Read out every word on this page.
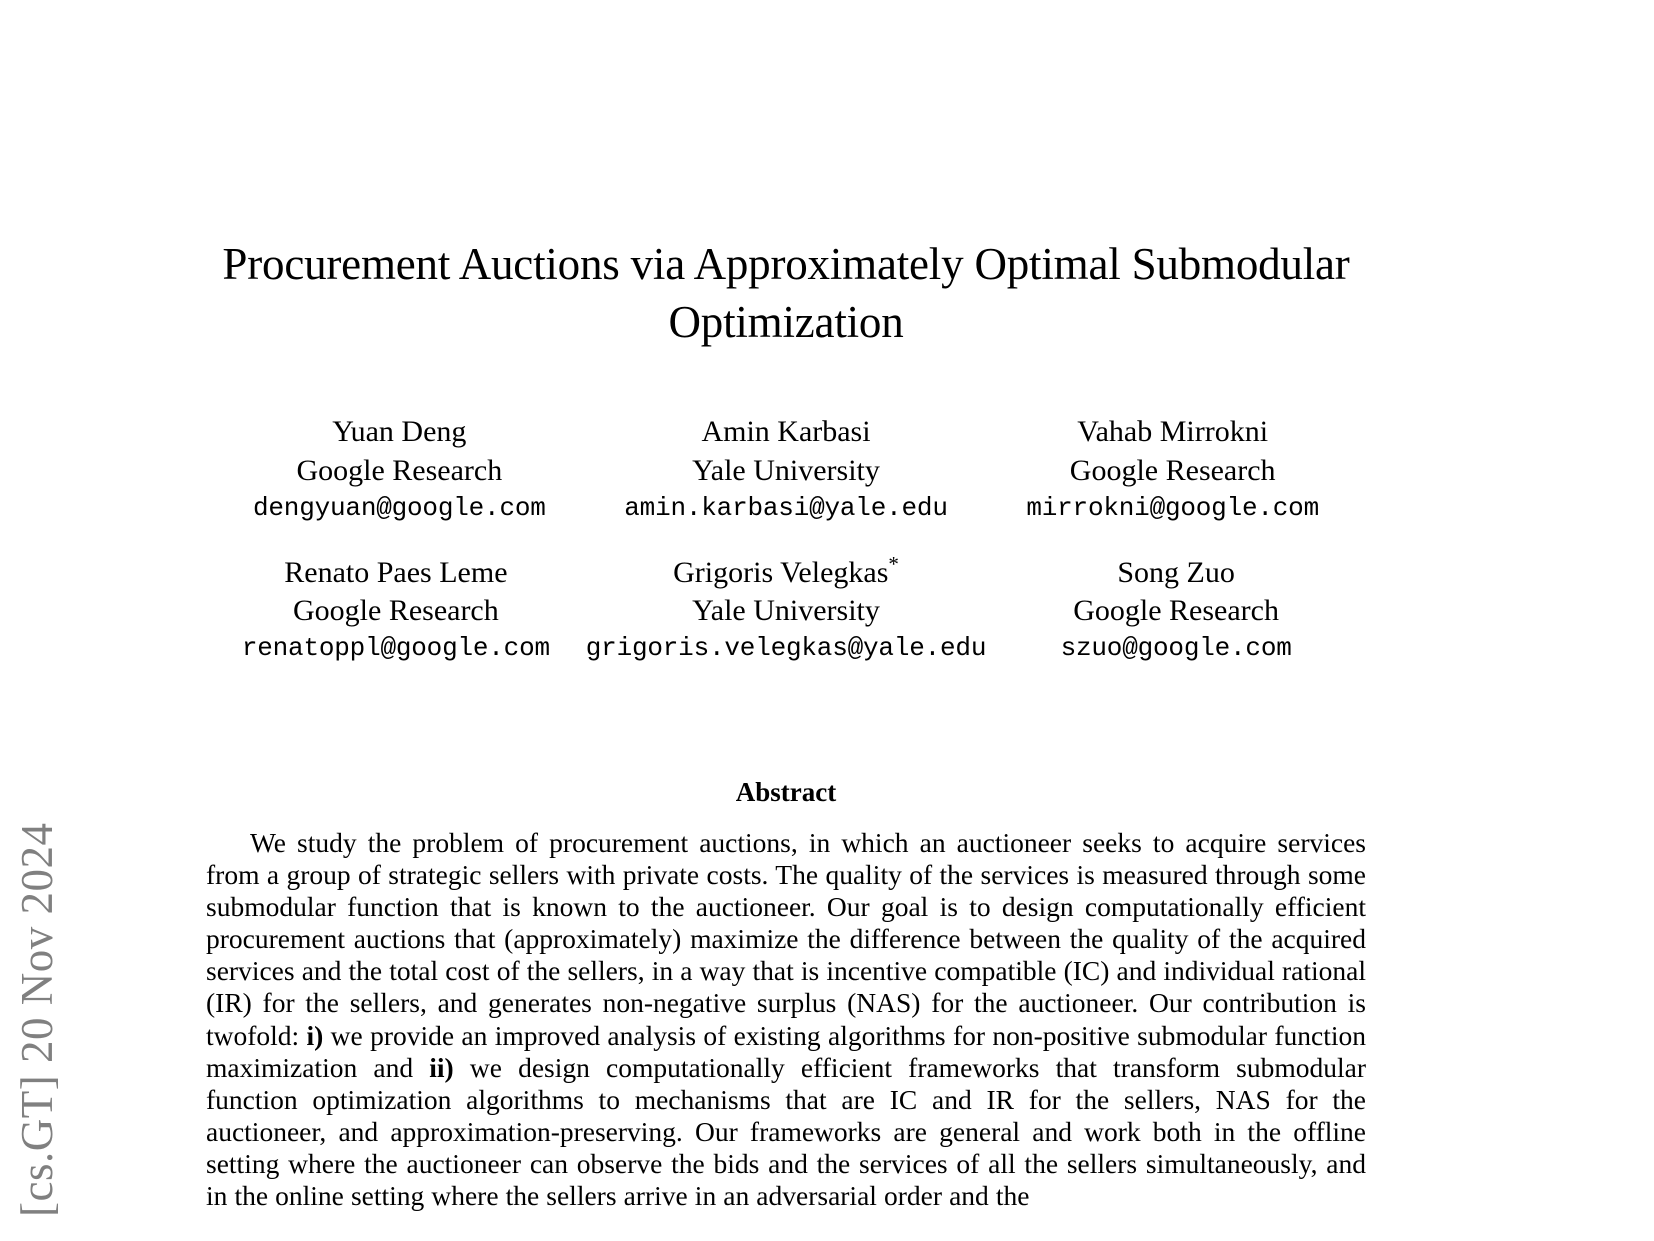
[cs.GT] 20 Nov 2024
Procurement Auctions via Approximately Optimal Submodular Optimization
Yuan Deng
Google Research
dengyuan@google.com
Amin Karbasi
Yale University
amin.karbasi@yale.edu
Vahab Mirrokni
Google Research
mirrokni@google.com
Renato Paes Leme
Google Research
renatoppl@google.com
Grigoris Velegkas*
Yale University
grigoris.velegkas@yale.edu
Song Zuo
Google Research
szuo@google.com
Abstract

We study the problem of procurement auctions, in which an auctioneer seeks to acquire services from a group of strategic sellers with private costs. The quality of the services is measured through some submodular function that is known to the auctioneer. Our goal is to design computationally efficient procurement auctions that (approximately) maximize the difference between the quality of the acquired services and the total cost of the sellers, in a way that is incentive compatible (IC) and individual rational (IR) for the sellers, and generates non-negative surplus (NAS) for the auctioneer. Our contribution is twofold: i) we provide an improved analysis of existing algorithms for non-positive submodular function maximization and ii) we design computationally efficient frameworks that transform submodular function optimization algorithms to mechanisms that are IC and IR for the sellers, NAS for the auctioneer, and approximation-preserving. Our frameworks are general and work both in the offline setting where the auctioneer can observe the bids and the services of all the sellers simultaneously, and in the online setting where the sellers arrive in an adversarial order and the
